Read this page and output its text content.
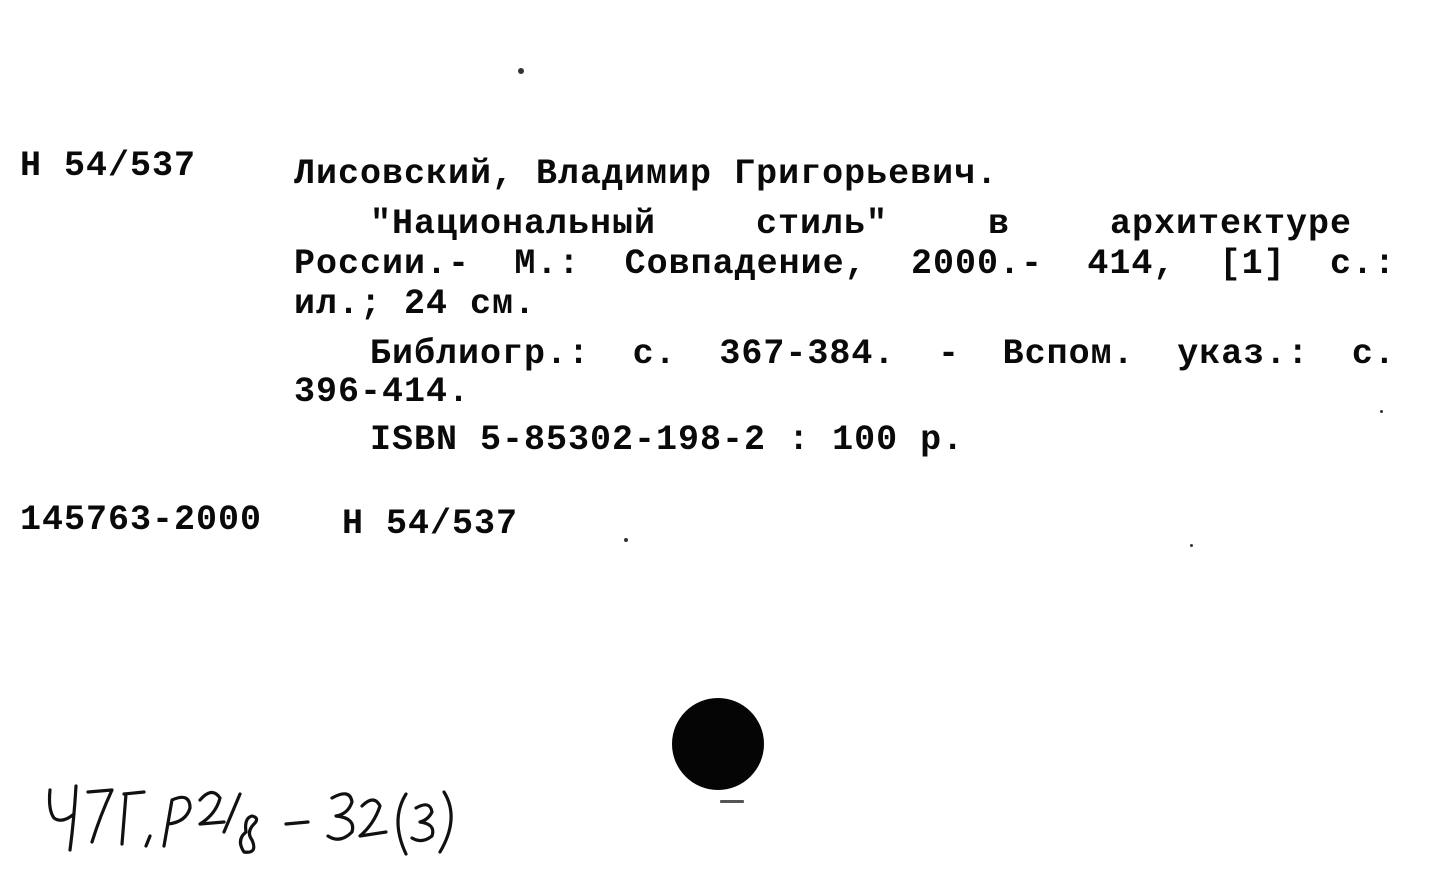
Н 54/537	Лисовский, Владимир Григорьевич.
"Национальный	стиль"	в	архитектуре
России.- М.: Совпадение, 2000.- 414, [1] с.:
ил.; 24 см.
Библиогр.: с. 367-384. - Вспом. указ.: с.
396-414.
ISBN 5-85302-198-2 : 100 р.
145763-2000 Н 54/537
